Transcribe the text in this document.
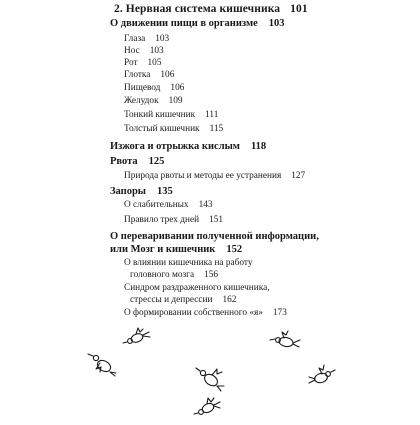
2. Нервная система кишечника 101
О движении пищи в организме 103
Глаза 103
Нос 103
Рот 105
Глотка 106
Пищевод 106
Желудок 109
Тонкий кишечник 111
Толстый кишечник 115
Изжога и отрыжка кислым 118
Рвота 125
Природа рвоты и методы ее устранения 127
Запоры 135
О слабительных 143
Правило трех дней 151
О переваривании полученной информации,
или Мозг и кишечник 152
О влиянии кишечника на работу
головного мозга 156
Синдром раздраженного кишечника,
стрессы и депрессии 162
О формировании собственного «я» 173
